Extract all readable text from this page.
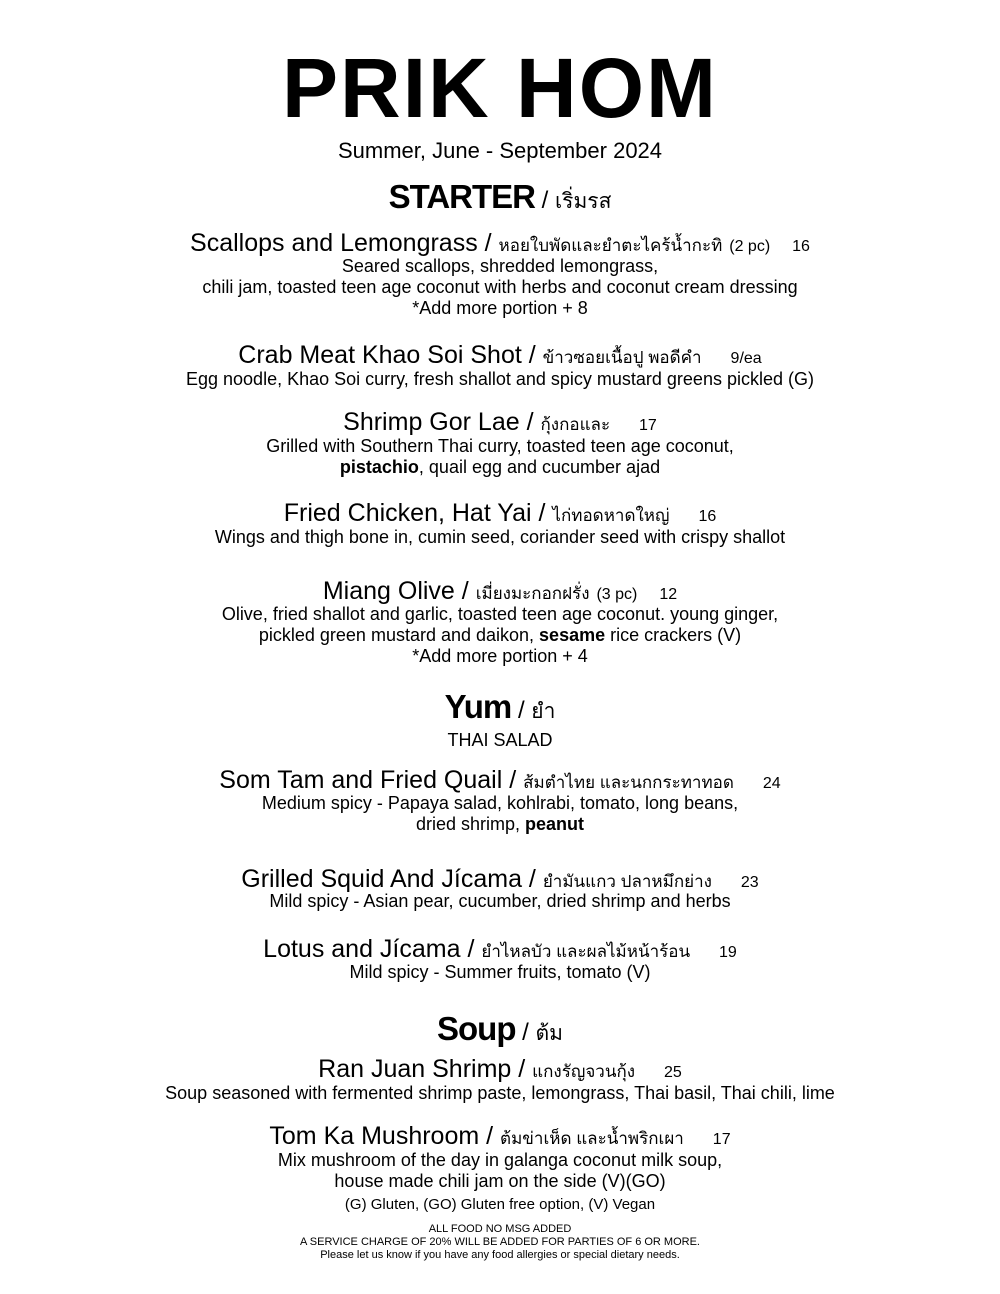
PRIK HOM
Summer, June - September 2024
STARTER / เริ่มรส
Scallops and Lemongrass / หอยใบพัดและยำตะไคร้น้ำกะทิ (2 pc) 16
Seared scallops, shredded lemongrass,
chili jam, toasted teen age coconut with herbs and coconut cream dressing
*Add more portion + 8
Crab Meat Khao Soi Shot / ข้าวซอยเนื้อปู พอดีคำ 9/ea
Egg noodle, Khao Soi curry, fresh shallot and spicy mustard greens pickled (G)
Shrimp Gor Lae / กุ้งกอและ 17
Grilled with Southern Thai curry, toasted teen age coconut,
pistachio, quail egg and cucumber ajad
Fried Chicken, Hat Yai / ไก่ทอดหาดใหญ่ 16
Wings and thigh bone in, cumin seed, coriander seed with crispy shallot
Miang Olive / เมี่ยงมะกอกฝรั่ง (3 pc) 12
Olive, fried shallot and garlic, toasted teen age coconut. young ginger,
pickled green mustard and daikon, sesame rice crackers (V)
*Add more portion + 4
Yum / ยำ
THAI SALAD
Som Tam and Fried Quail / ส้มตำไทย และนกกระทาทอด 24
Medium spicy - Papaya salad, kohlrabi, tomato, long beans,
dried shrimp, peanut
Grilled Squid And Jícama / ยำมันแกว ปลาหมึกย่าง 23
Mild spicy - Asian pear, cucumber, dried shrimp and herbs
Lotus and Jícama / ยำไหลบัว และผลไม้หน้าร้อน 19
Mild spicy - Summer fruits, tomato (V)
Soup / ต้ม
Ran Juan Shrimp / แกงรัญจวนกุ้ง 25
Soup seasoned with fermented shrimp paste, lemongrass, Thai basil, Thai chili, lime
Tom Ka Mushroom / ต้มข่าเห็ด และน้ำพริกเผา 17
Mix mushroom of the day in galanga coconut milk soup,
house made chili jam on the side (V)(GO)
(G) Gluten, (GO) Gluten free option, (V) Vegan
ALL FOOD NO MSG ADDED
A SERVICE CHARGE OF 20% WILL BE ADDED FOR PARTIES OF 6 OR MORE.
Please let us know if you have any food allergies or special dietary needs.
